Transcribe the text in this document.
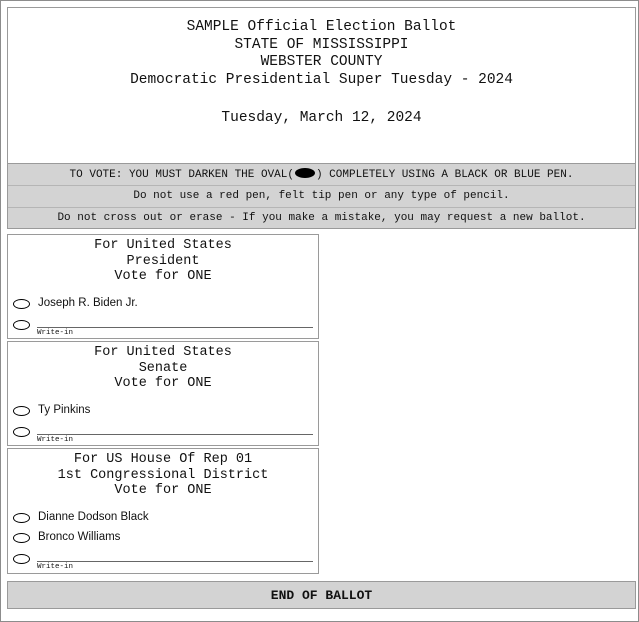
SAMPLE Official Election Ballot
STATE OF MISSISSIPPI
WEBSTER COUNTY
Democratic Presidential Super Tuesday - 2024
Tuesday, March 12, 2024
TO VOTE: YOU MUST DARKEN THE OVAL( ) COMPLETELY USING A BLACK OR BLUE PEN.
Do not use a red pen, felt tip pen or any type of pencil.
Do not cross out or erase - If you make a mistake, you may request a new ballot.
For United States
President
Vote for ONE
Joseph R. Biden Jr.
Write-in
For United States
Senate
Vote for ONE
Ty Pinkins
Write-in
For US House Of Rep 01
1st Congressional District
Vote for ONE
Dianne Dodson Black
Bronco Williams
Write-in
END OF BALLOT
